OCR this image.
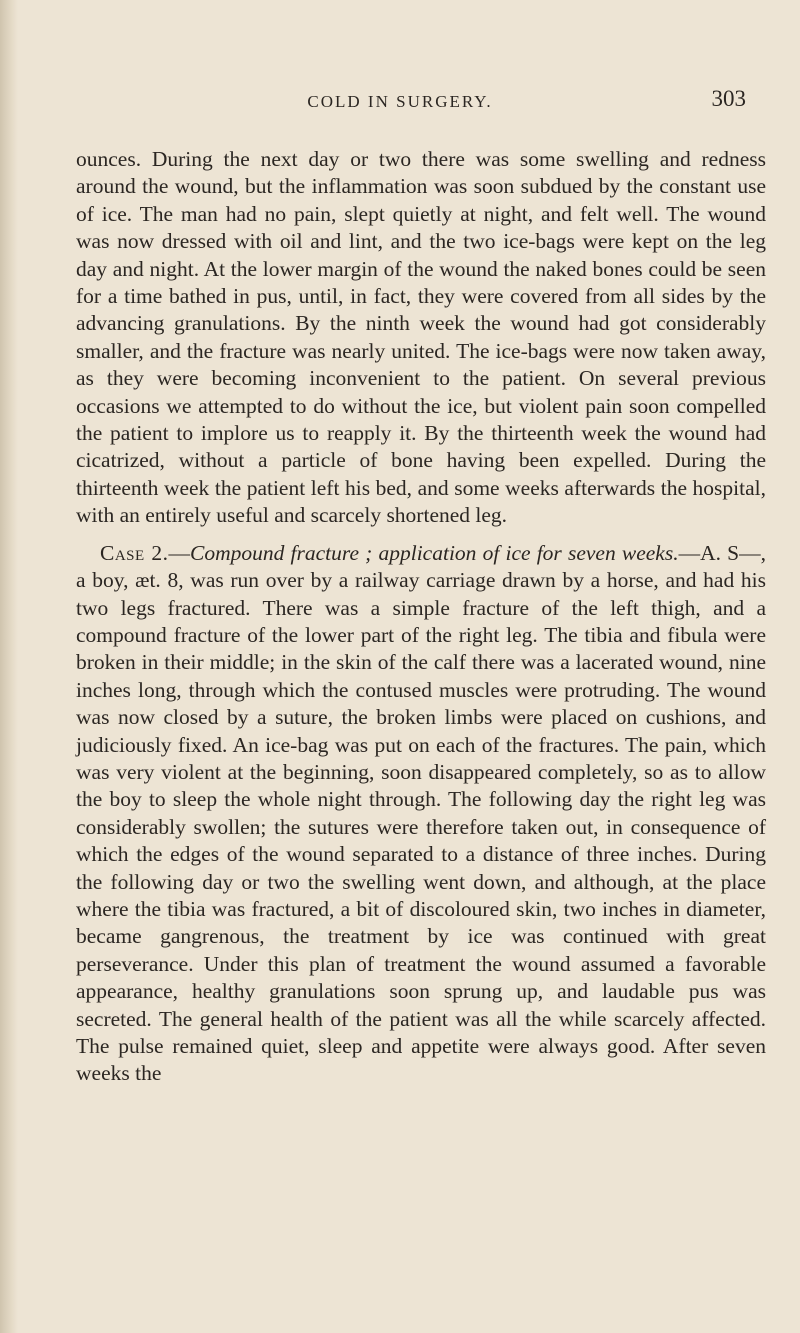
COLD IN SURGERY.	303

ounces. During the next day or two there was some swelling and redness around the wound, but the inflammation was soon subdued by the constant use of ice. The man had no pain, slept quietly at night, and felt well. The wound was now dressed with oil and lint, and the two ice-bags were kept on the leg day and night. At the lower margin of the wound the naked bones could be seen for a time bathed in pus, until, in fact, they were covered from all sides by the advancing granulations. By the ninth week the wound had got considerably smaller, and the fracture was nearly united. The ice-bags were now taken away, as they were becoming inconvenient to the patient. On several previous occasions we attempted to do without the ice, but violent pain soon compelled the patient to implore us to reapply it. By the thirteenth week the wound had cicatrized, without a particle of bone having been expelled. During the thirteenth week the patient left his bed, and some weeks afterwards the hospital, with an entirely useful and scarcely shortened leg.

Case 2.—Compound fracture ; application of ice for seven weeks.—A. S—, a boy, æt. 8, was run over by a railway carriage drawn by a horse, and had his two legs fractured. There was a simple fracture of the left thigh, and a compound fracture of the lower part of the right leg. The tibia and fibula were broken in their middle; in the skin of the calf there was a lacerated wound, nine inches long, through which the contused muscles were protruding. The wound was now closed by a suture, the broken limbs were placed on cushions, and judiciously fixed. An ice-bag was put on each of the fractures. The pain, which was very violent at the beginning, soon disappeared completely, so as to allow the boy to sleep the whole night through. The following day the right leg was considerably swollen; the sutures were therefore taken out, in consequence of which the edges of the wound separated to a distance of three inches. During the following day or two the swelling went down, and although, at the place where the tibia was fractured, a bit of discoloured skin, two inches in diameter, became gangrenous, the treatment by ice was continued with great perseverance. Under this plan of treatment the wound assumed a favorable appearance, healthy granulations soon sprung up, and laudable pus was secreted. The general health of the patient was all the while scarcely affected. The pulse remained quiet, sleep and appetite were always good. After seven weeks the
